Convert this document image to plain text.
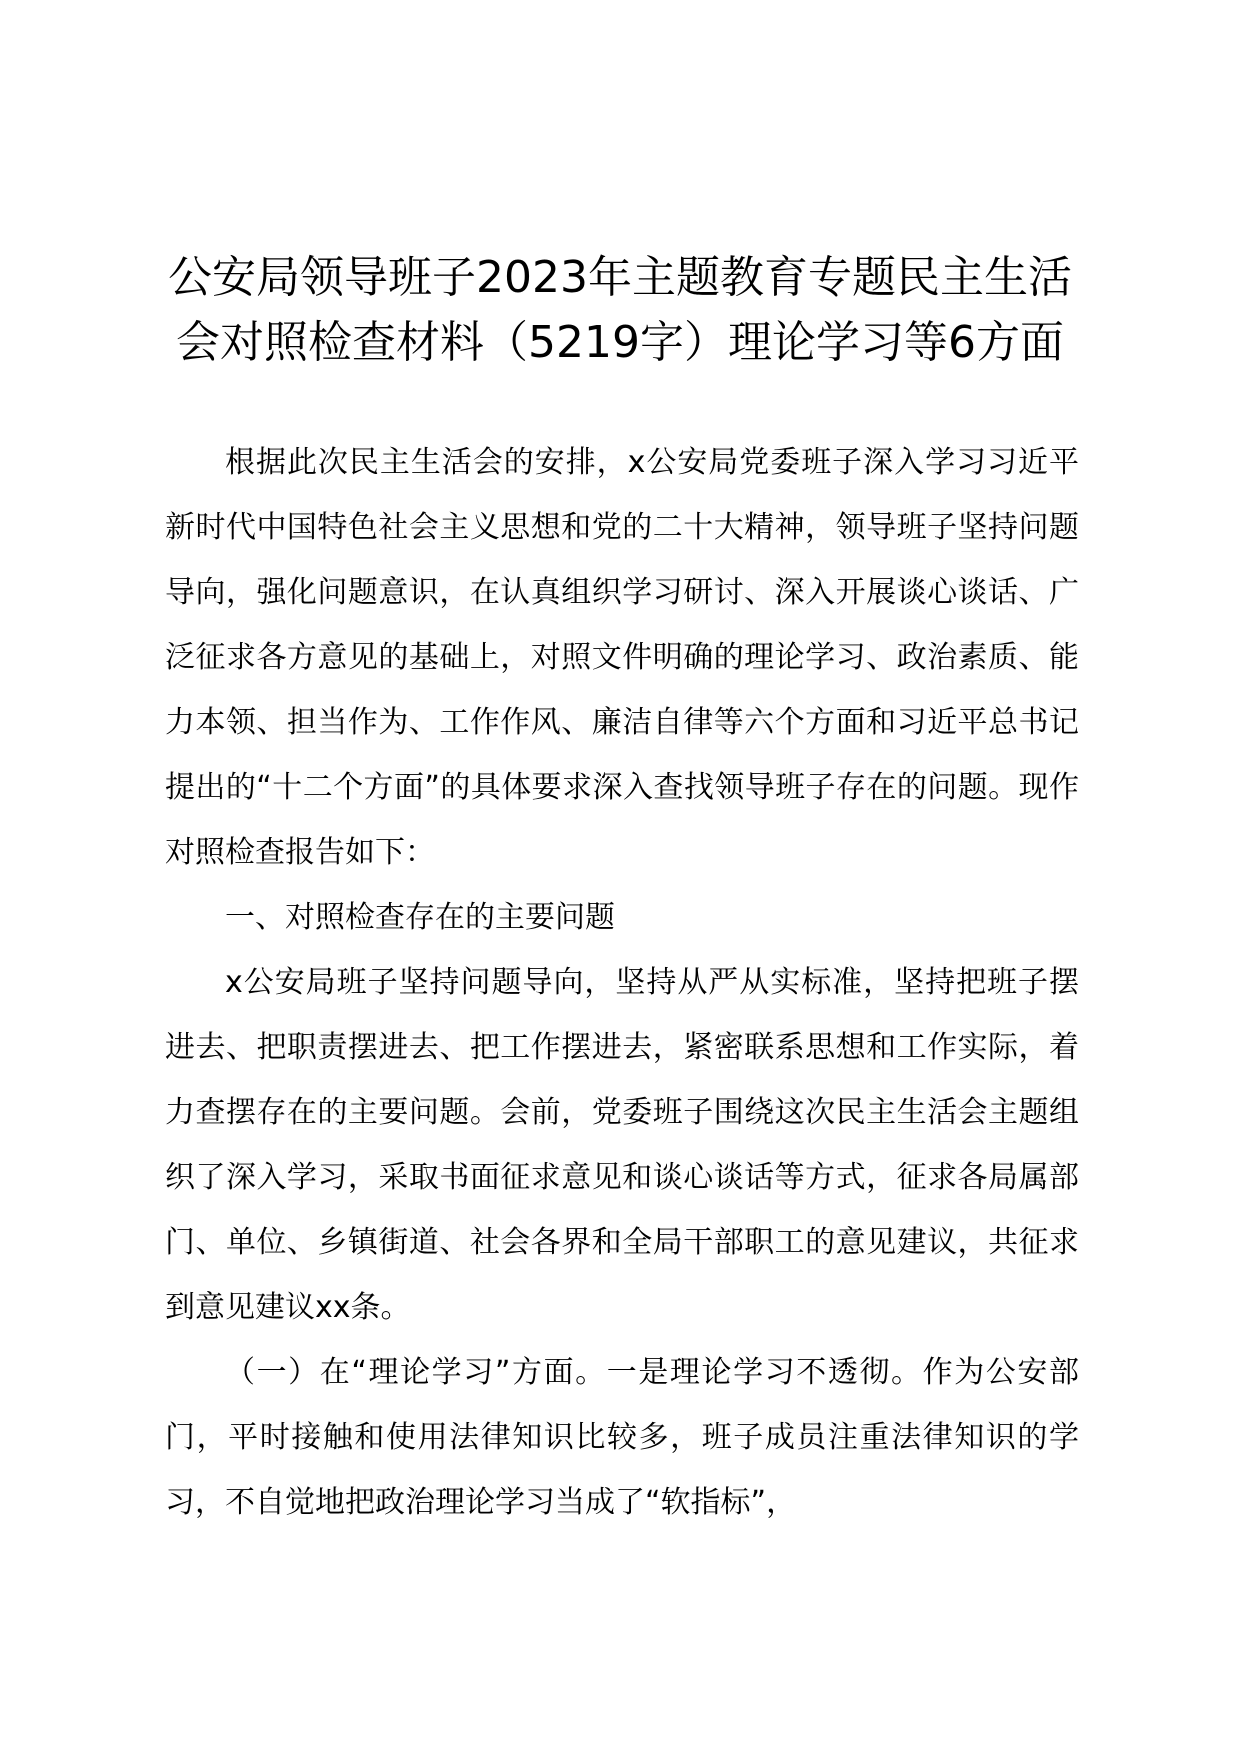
公安局领导班子2023年主题教育专题民主生活会对照检查材料（5219字）理论学习等6方面

根据此次民主生活会的安排，x公安局党委班子深入学习习近平新时代中国特色社会主义思想和党的二十大精神，领导班子坚持问题导向，强化问题意识，在认真组织学习研讨、深入开展谈心谈话、广泛征求各方意见的基础上，对照文件明确的理论学习、政治素质、能力本领、担当作为、工作作风、廉洁自律等六个方面和习近平总书记提出的“十二个方面”的具体要求深入查找领导班子存在的问题。现作对照检查报告如下：

一、对照检查存在的主要问题

x公安局班子坚持问题导向，坚持从严从实标准，坚持把班子摆进去、把职责摆进去、把工作摆进去，紧密联系思想和工作实际，着力查摆存在的主要问题。会前，党委班子围绕这次民主生活会主题组织了深入学习，采取书面征求意见和谈心谈话等方式，征求各局属部门、单位、乡镇街道、社会各界和全局干部职工的意见建议，共征求到意见建议xx条。

（一）在“理论学习”方面。一是理论学习不透彻。作为公安部门，平时接触和使用法律知识比较多，班子成员注重法律知识的学习，不自觉地把政治理论学习当成了“软指标”，
